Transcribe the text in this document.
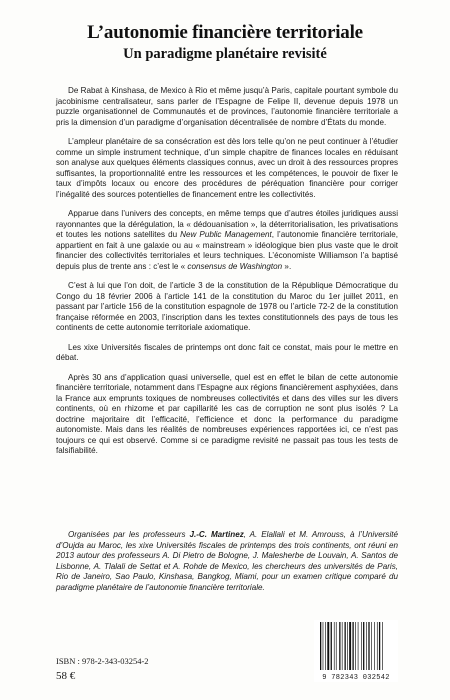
L’autonomie financière territoriale
Un paradigme planétaire revisité

De Rabat à Kinshasa, de Mexico à Rio et même jusqu’à Paris, capitale pourtant symbole du jacobinisme centralisateur, sans parler de l’Espagne de Felipe II, devenue depuis 1978 un puzzle organisationnel de Communautés et de provinces, l’autonomie financière territoriale a pris la dimension d’un paradigme d’organisation décentralisée de nombre d’États du monde.

L’ampleur planétaire de sa consécration est dès lors telle qu’on ne peut continuer à l’étudier comme un simple instrument technique, d’un simple chapitre de finances locales en réduisant son analyse aux quelques éléments classiques connus, avec un droit à des ressources propres suffisantes, la proportionnalité entre les ressources et les compétences, le pouvoir de fixer le taux d’impôts locaux ou encore des procédures de péréquation financière pour corriger l’inégalité des sources potentielles de financement entre les collectivités.

Apparue dans l’univers des concepts, en même temps que d’autres étoiles juridiques aussi rayonnantes que la dérégulation, la « dédouanisation », la déterritorialisation, les privatisations et toutes les notions satellites du New Public Management, l’autonomie financière territoriale, appartient en fait à une galaxie ou au « mainstream » idéologique bien plus vaste que le droit financier des collectivités territoriales et leurs techniques. L’économiste Williamson l’a baptisé depuis plus de trente ans : c’est le « consensus de Washington ».

C’est à lui que l’on doit, de l’article 3 de la constitution de la République Démocratique du Congo du 18 février 2006 à l’article 141 de la constitution du Maroc du 1er juillet 2011, en passant par l’article 156 de la constitution espagnole de 1978 ou l’article 72-2 de la constitution française réformée en 2003, l’inscription dans les textes constitutionnels des pays de tous les continents de cette autonomie territoriale axiomatique.

Les xixe Universités fiscales de printemps ont donc fait ce constat, mais pour le mettre en débat.

Après 30 ans d’application quasi universelle, quel est en effet le bilan de cette autonomie financière territoriale, notamment dans l’Espagne aux régions financièrement asphyxiées, dans la France aux emprunts toxiques de nombreuses collectivités et dans des villes sur les divers continents, où en rhizome et par capillarité les cas de corruption ne sont plus isolés ? La doctrine majoritaire dit l’efficacité, l’efficience et donc la performance du paradigme autonomiste. Mais dans les réalités de nombreuses expériences rapportées ici, ce n’est pas toujours ce qui est observé. Comme si ce paradigme revisité ne passait pas tous les tests de falsifiabilité.

Organisées par les professeurs J.-C. Martinez, A. Elallali et M. Amrouss, à l’Université d’Oujda au Maroc, les xixe Universités fiscales de printemps des trois continents, ont réuni en 2013 autour des professeurs A. Di Pietro de Bologne, J. Malesherbe de Louvain, A. Santos de Lisbonne, A. Tlalali de Settat et A. Rohde de Mexico, les chercheurs des universités de Paris, Rio de Janeiro, Sao Paulo, Kinshasa, Bangkog, Miami, pour un examen critique comparé du paradigme planétaire de l’autonomie financière territoriale.
ISBN : 978-2-343-03254-2
58 €	9 782343 032542
